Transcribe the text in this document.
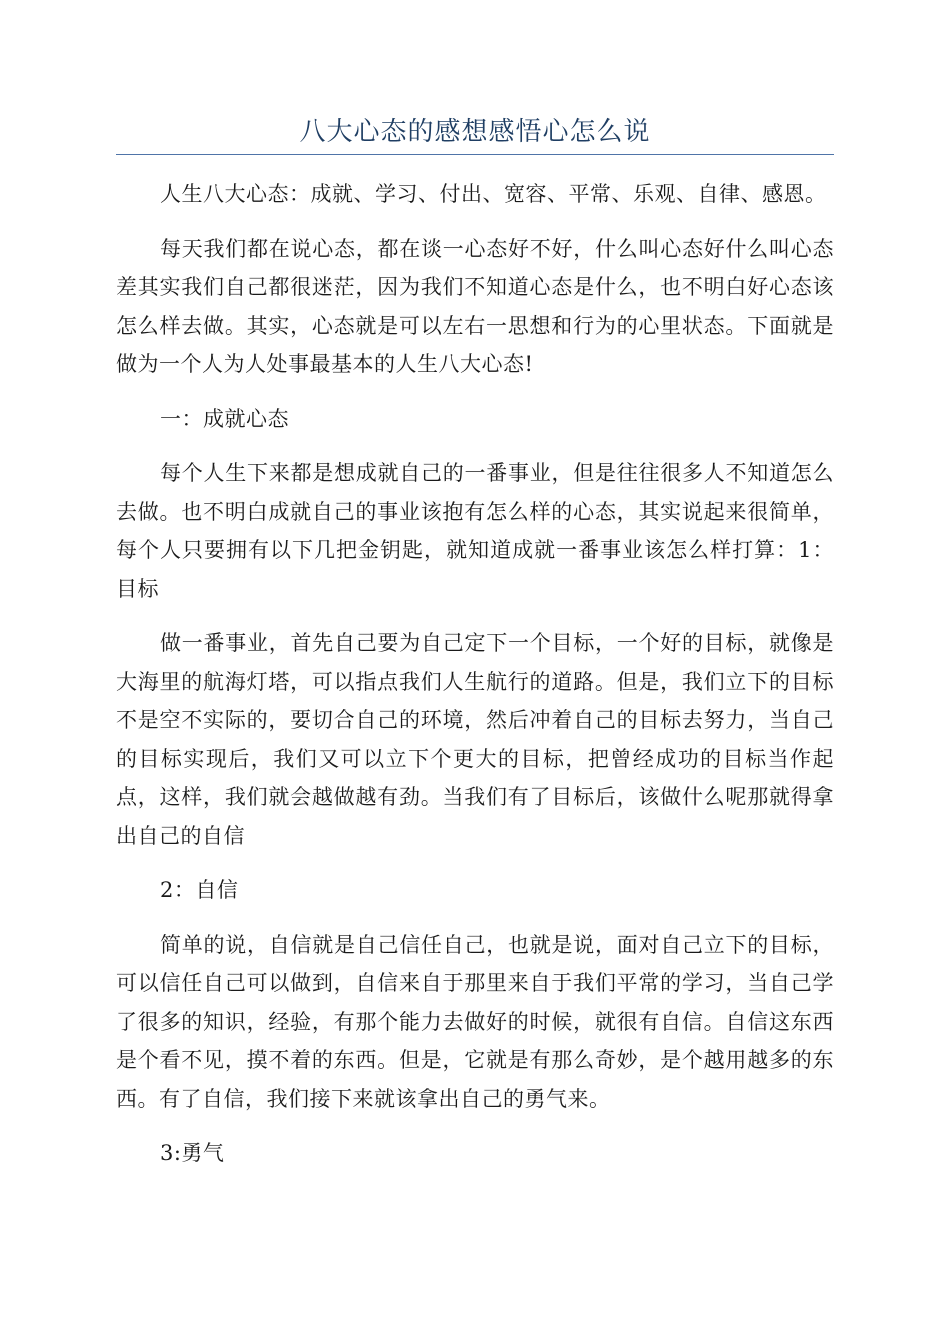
八大心态的感想感悟心怎么说

人生八大心态：成就、学习、付出、宽容、平常、乐观、自律、感恩。

每天我们都在说心态，都在谈一心态好不好，什么叫心态好什么叫心态差其实我们自己都很迷茫，因为我们不知道心态是什么，也不明白好心态该怎么样去做。其实，心态就是可以左右一思想和行为的心里状态。下面就是做为一个人为人处事最基本的人生八大心态!

一：成就心态

每个人生下来都是想成就自己的一番事业，但是往往很多人不知道怎么去做。也不明白成就自己的事业该抱有怎么样的心态，其实说起来很简单，每个人只要拥有以下几把金钥匙，就知道成就一番事业该怎么样打算：1：目标

做一番事业，首先自己要为自己定下一个目标，一个好的目标，就像是大海里的航海灯塔，可以指点我们人生航行的道路。但是，我们立下的目标不是空不实际的，要切合自己的环境，然后冲着自己的目标去努力，当自己的目标实现后，我们又可以立下个更大的目标，把曾经成功的目标当作起点，这样，我们就会越做越有劲。当我们有了目标后，该做什么呢那就得拿出自己的自信

2：自信

简单的说，自信就是自己信任自己，也就是说，面对自己立下的目标，可以信任自己可以做到，自信来自于那里来自于我们平常的学习，当自己学了很多的知识，经验，有那个能力去做好的时候，就很有自信。自信这东西是个看不见，摸不着的东西。但是，它就是有那么奇妙，是个越用越多的东西。有了自信，我们接下来就该拿出自己的勇气来。

3:勇气
